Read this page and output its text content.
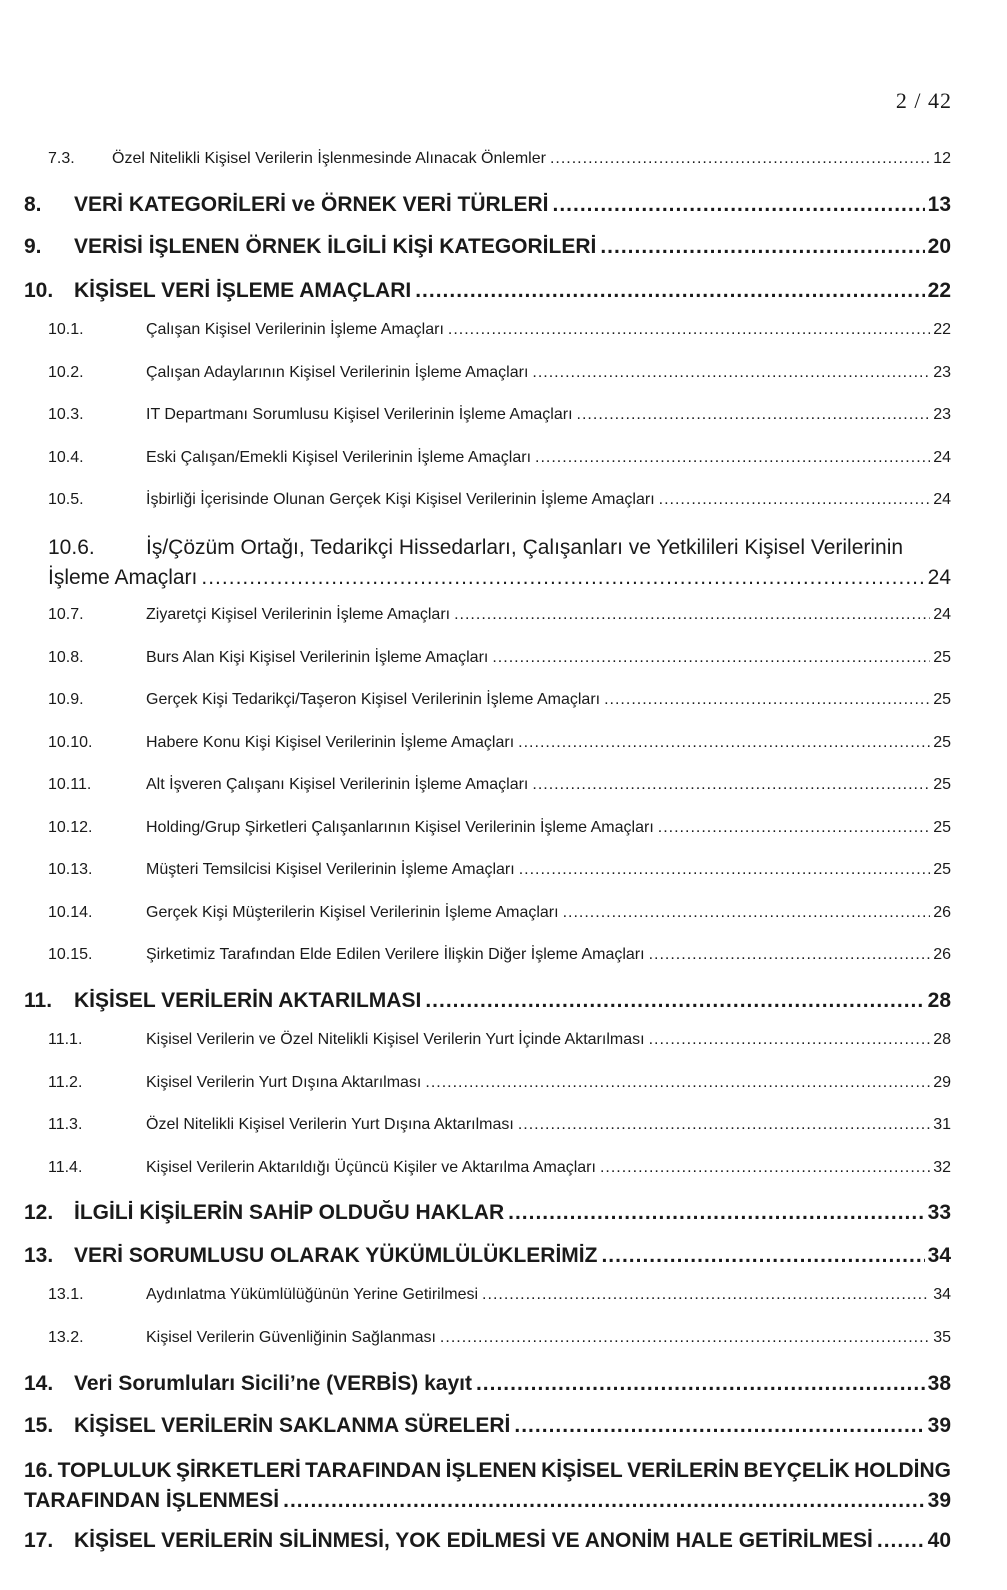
2 / 42
7.3.	Özel Nitelikli Kişisel Verilerin İşlenmesinde Alınacak Önlemler .....	12
8.	VERİ KATEGORİLERİ ve ÖRNEK VERİ TÜRLERİ .....	13
9.	VERİSİ İŞLENEN ÖRNEK İLGİLİ KİŞİ KATEGORİLERİ .....	20
10. KİŞİSEL VERİ İŞLEME AMAÇLARI .....	22
10.1.	Çalışan Kişisel Verilerinin İşleme Amaçları .....	22
10.2.	Çalışan Adaylarının Kişisel Verilerinin İşleme Amaçları .....	23
10.3.	IT Departmanı Sorumlusu Kişisel Verilerinin İşleme Amaçları .....	23
10.4.	Eski Çalışan/Emekli Kişisel Verilerinin İşleme Amaçları .....	24
10.5.	İşbirliği İçerisinde Olunan Gerçek Kişi Kişisel Verilerinin İşleme Amaçları .....	24
10.6.	İş/Çözüm Ortağı, Tedarikçi Hissedarları, Çalışanları ve Yetkilileri Kişisel Verilerinin
İşleme Amaçları .....	24
10.7.	Ziyaretçi Kişisel Verilerinin İşleme Amaçları .....	24
10.8.	Burs Alan Kişi Kişisel Verilerinin İşleme Amaçları .....	25
10.9.	Gerçek Kişi Tedarikçi/Taşeron Kişisel Verilerinin İşleme Amaçları .....	25
10.10.	Habere Konu Kişi Kişisel Verilerinin İşleme Amaçları .....	25
10.11.	Alt İşveren Çalışanı Kişisel Verilerinin İşleme Amaçları .....	25
10.12.	Holding/Grup Şirketleri Çalışanlarının Kişisel Verilerinin İşleme Amaçları .....	25
10.13.	Müşteri Temsilcisi Kişisel Verilerinin İşleme Amaçları .....	25
10.14.	Gerçek Kişi Müşterilerin Kişisel Verilerinin İşleme Amaçları .....	26
10.15.	Şirketimiz Tarafından Elde Edilen Verilere İlişkin Diğer İşleme Amaçları .....	26
11.	KİŞİSEL VERİLERİN AKTARILMASI .....	28
11.1.	Kişisel Verilerin ve Özel Nitelikli Kişisel Verilerin Yurt İçinde Aktarılması .....	28
11.2.	Kişisel Verilerin Yurt Dışına Aktarılması .....	29
11.3.	Özel Nitelikli Kişisel Verilerin Yurt Dışına Aktarılması .....	31
11.4.	Kişisel Verilerin Aktarıldığı Üçüncü Kişiler ve Aktarılma Amaçları .....	32
12. İLGİLİ KİŞİLERİN SAHİP OLDUĞU HAKLAR .....	33
13. VERİ SORUMLUSU OLARAK YÜKÜMLÜLÜKLERİMİZ .....	34
13.1.	Aydınlatma Yükümlülüğünün Yerine Getirilmesi .....	34
13.2.	Kişisel Verilerin Güvenliğinin Sağlanması .....	35
14. Veri Sorumluları Sicili’ne (VERBİS) kayıt .....	38
15. KİŞİSEL VERİLERİN SAKLANMA SÜRELERİ .....	39
16. TOPLULUK ŞİRKETLERİ TARAFINDAN İŞLENEN KİŞİSEL VERİLERİN BEYÇELİK HOLDİNG
TARAFINDAN İŞLENMESİ .....	39
17. KİŞİSEL VERİLERİN SİLİNMESİ, YOK EDİLMESİ VE ANONİM HALE GETİRİLMESİ .....	40
